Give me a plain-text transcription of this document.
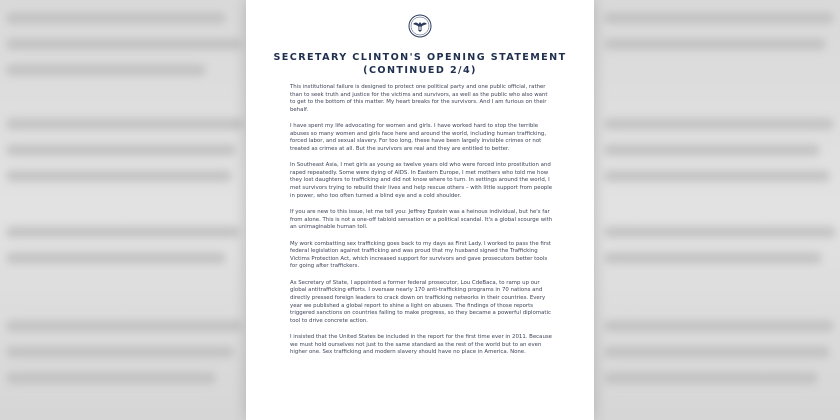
SECRETARY CLINTON'S OPENING STATEMENT
(CONTINUED 2/4)

This institutional failure is designed to protect one political party and one public official, rather than to seek truth and justice for the victims and survivors, as well as the public who also want to get to the bottom of this matter. My heart breaks for the survivors. And I am furious on their behalf.

I have spent my life advocating for women and girls. I have worked hard to stop the terrible abuses so many women and girls face here and around the world, including human trafficking, forced labor, and sexual slavery. For too long, these have been largely invisible crimes or not treated as crimes at all. But the survivors are real and they are entitled to better.

In Southeast Asia, I met girls as young as twelve years old who were forced into prostitution and raped repeatedly. Some were dying of AIDS. In Eastern Europe, I met mothers who told me how they lost daughters to trafficking and did not know where to turn. In settings around the world, I met survivors trying to rebuild their lives and help rescue others – with little support from people in power, who too often turned a blind eye and a cold shoulder.

If you are new to this issue, let me tell you: Jeffrey Epstein was a heinous individual, but he's far from alone. This is not a one-off tabloid sensation or a political scandal. It's a global scourge with an unimaginable human toll.

My work combatting sex trafficking goes back to my days as First Lady. I worked to pass the first federal legislation against trafficking and was proud that my husband signed the Trafficking Victims Protection Act, which increased support for survivors and gave prosecutors better tools for going after traffickers.

As Secretary of State, I appointed a former federal prosecutor, Lou CdeBaca, to ramp up our global antitrafficking efforts. I oversaw nearly 170 anti-trafficking programs in 70 nations and directly pressed foreign leaders to crack down on trafficking networks in their countries. Every year we published a global report to shine a light on abuses. The findings of those reports triggered sanctions on countries failing to make progress, so they became a powerful diplomatic tool to drive concrete action.

I insisted that the United States be included in the report for the first time ever in 2011. Because we must hold ourselves not just to the same standard as the rest of the world but to an even higher one. Sex trafficking and modern slavery should have no place in America. None.
